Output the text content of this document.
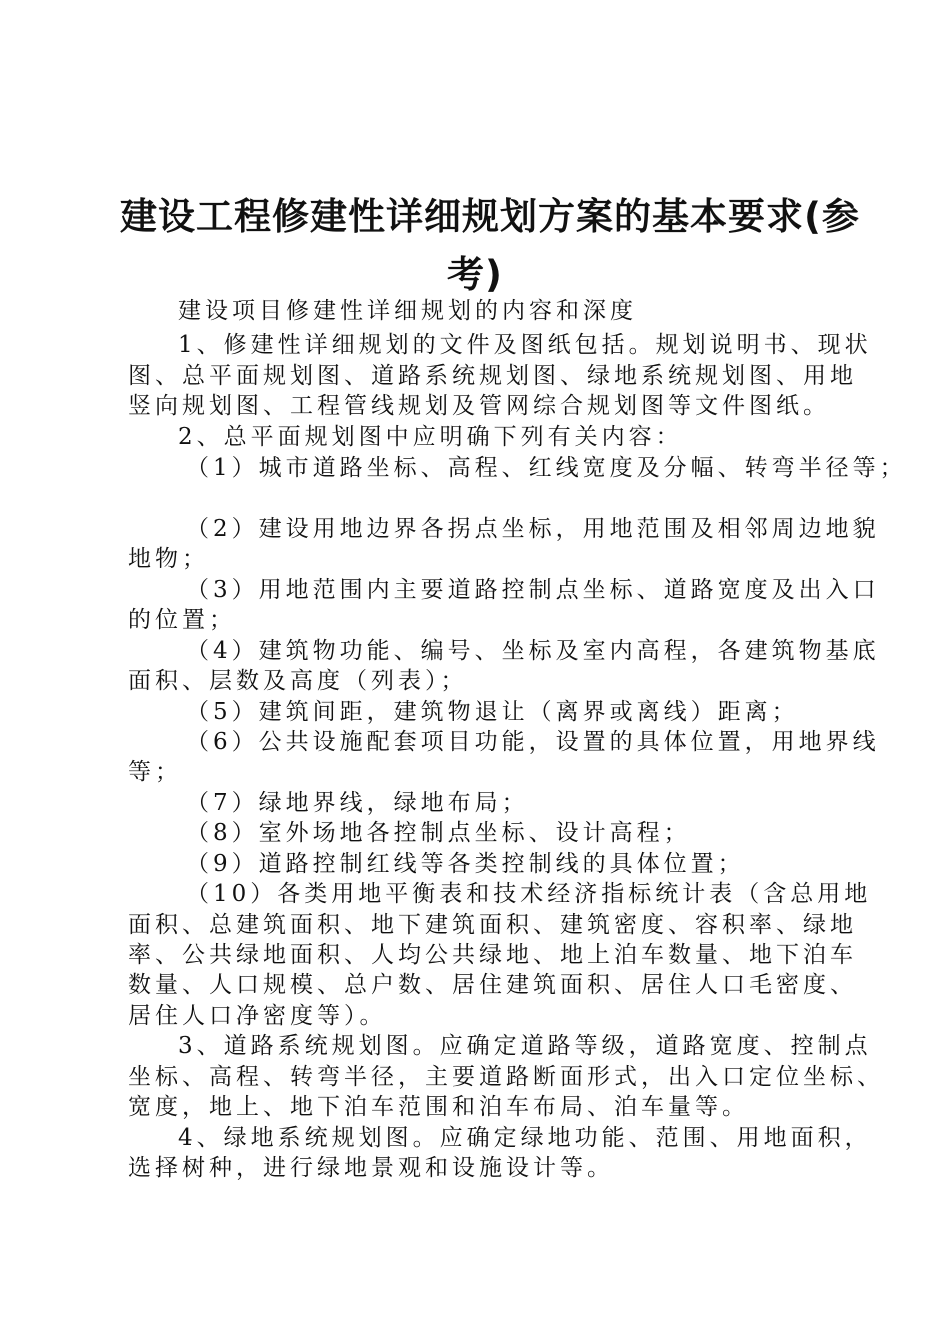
建设工程修建性详细规划方案的基本要求(参
考)
建设项目修建性详细规划的内容和深度
1、修建性详细规划的文件及图纸包括。规划说明书、现状
图、总平面规划图、道路系统规划图、绿地系统规划图、用地
竖向规划图、工程管线规划及管网综合规划图等文件图纸。
2、总平面规划图中应明确下列有关内容：
（1）城市道路坐标、高程、红线宽度及分幅、转弯半径等；
（2）建设用地边界各拐点坐标，用地范围及相邻周边地貌
地物；
（3）用地范围内主要道路控制点坐标、道路宽度及出入口
的位置；
（4）建筑物功能、编号、坐标及室内高程，各建筑物基底
面积、层数及高度（列表）；
（5）建筑间距，建筑物退让（离界或离线）距离；
（6）公共设施配套项目功能，设置的具体位置，用地界线
等；
（7）绿地界线，绿地布局；
（8）室外场地各控制点坐标、设计高程；
（9）道路控制红线等各类控制线的具体位置；
（10）各类用地平衡表和技术经济指标统计表（含总用地
面积、总建筑面积、地下建筑面积、建筑密度、容积率、绿地
率、公共绿地面积、人均公共绿地、地上泊车数量、地下泊车
数量、人口规模、总户数、居住建筑面积、居住人口毛密度、
居住人口净密度等）。
3、道路系统规划图。应确定道路等级，道路宽度、控制点
坐标、高程、转弯半径，主要道路断面形式，出入口定位坐标、
宽度，地上、地下泊车范围和泊车布局、泊车量等。
4、绿地系统规划图。应确定绿地功能、范围、用地面积，
选择树种，进行绿地景观和设施设计等。
